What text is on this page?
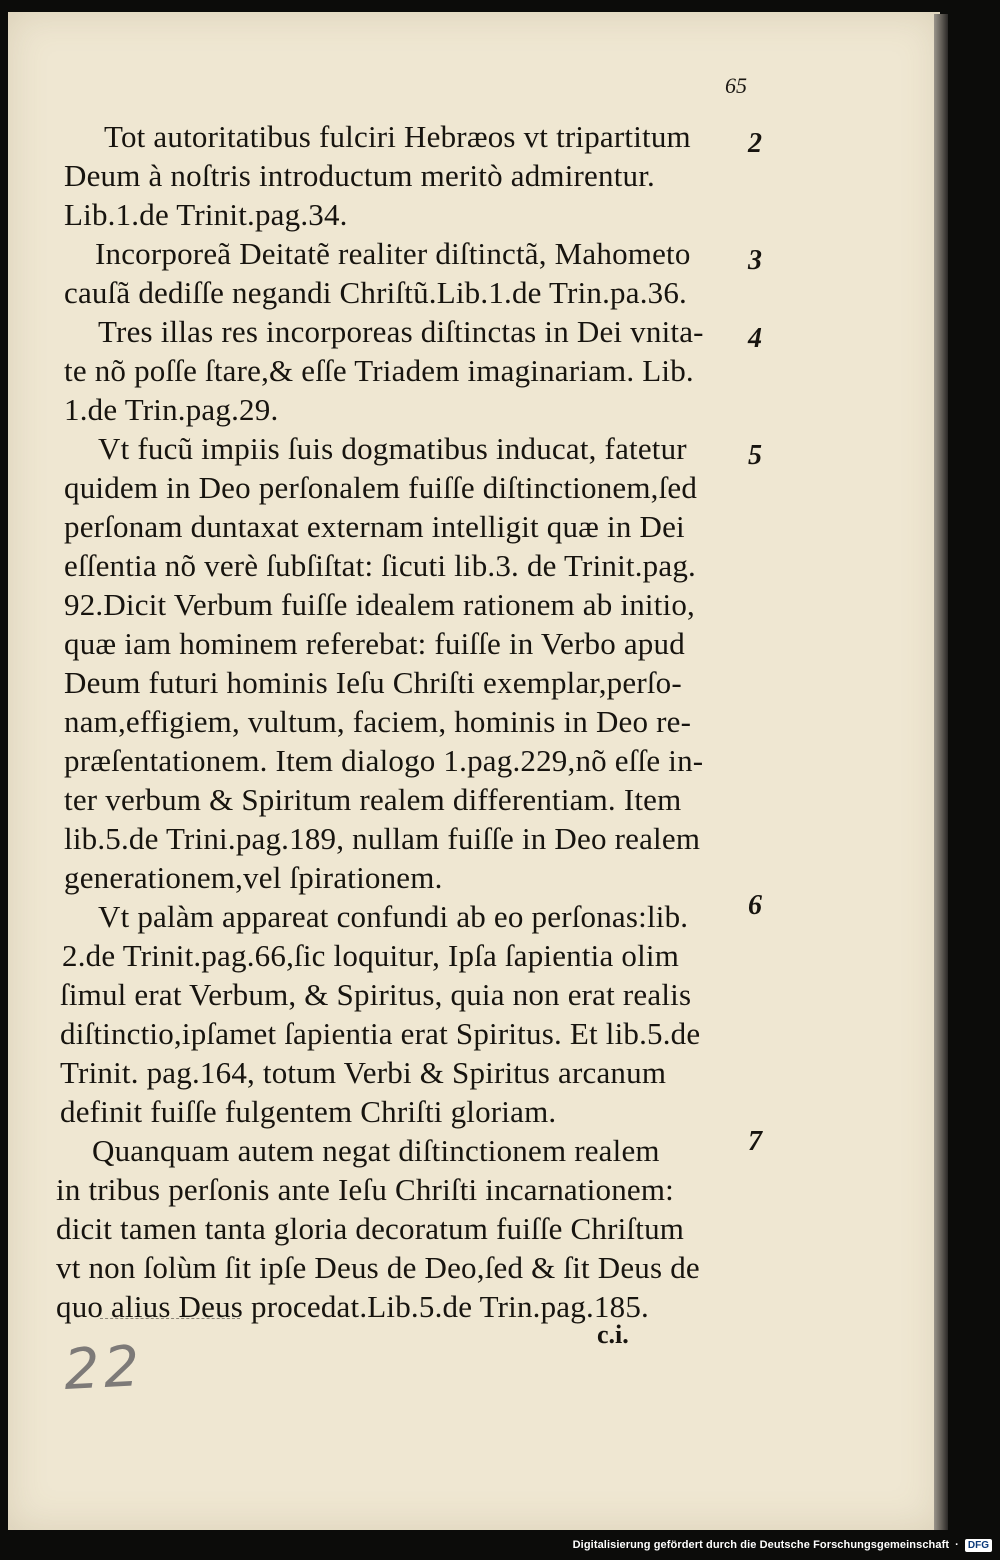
65
Tot autoritatibus fulciri Hebræos vt tripartitum
Deum à noſtris introductum meritò admirentur.
Lib.1.de Trinit.pag.34.
Incorporeã Deitatẽ realiter diſtinctã, Mahometo
cauſã dediſſe negandi Chriſtũ.Lib.1.de Trin.pa.36.
Tres illas res incorporeas diſtinctas in Dei vnita-
te nõ poſſe ſtare,& eſſe Triadem imaginariam. Lib.
1.de Trin.pag.29.
Vt fucũ impiis ſuis dogmatibus inducat, fatetur
quidem in Deo perſonalem fuiſſe diſtinctionem,ſed
perſonam duntaxat externam intelligit quæ in Dei
eſſentia nõ verè ſubſiſtat: ſicuti lib.3. de Trinit.pag.
92.Dicit Verbum fuiſſe idealem rationem ab initio,
quæ iam hominem referebat: fuiſſe in Verbo apud
Deum futuri hominis Ieſu Chriſti exemplar,perſo-
nam,effigiem, vultum, faciem, hominis in Deo re-
præſentationem. Item dialogo 1.pag.229,nõ eſſe in-
ter verbum & Spiritum realem differentiam. Item
lib.5.de Trini.pag.189, nullam fuiſſe in Deo realem
generationem,vel ſpirationem.
Vt palàm appareat confundi ab eo perſonas:lib.
2.de Trinit.pag.66,ſic loquitur, Ipſa ſapientia olim
ſimul erat Verbum, & Spiritus, quia non erat realis
diſtinctio,ipſamet ſapientia erat Spiritus. Et lib.5.de
Trinit. pag.164, totum Verbi & Spiritus arcanum
definit fuiſſe fulgentem Chriſti gloriam.
Quanquam autem negat diſtinctionem realem
in tribus perſonis ante Ieſu Chriſti incarnationem:
dicit tamen tanta gloria decoratum fuiſſe Chriſtum
vt non ſolùm ſit ipſe Deus de Deo,ſed & ſit Deus de
quo alius Deus procedat.Lib.5.de Trin.pag.185.
2
3
4
5
6
7
c.i.
22
Digitalisierung gefördert durch die Deutsche Forschungsgemeinschaft · DFG
